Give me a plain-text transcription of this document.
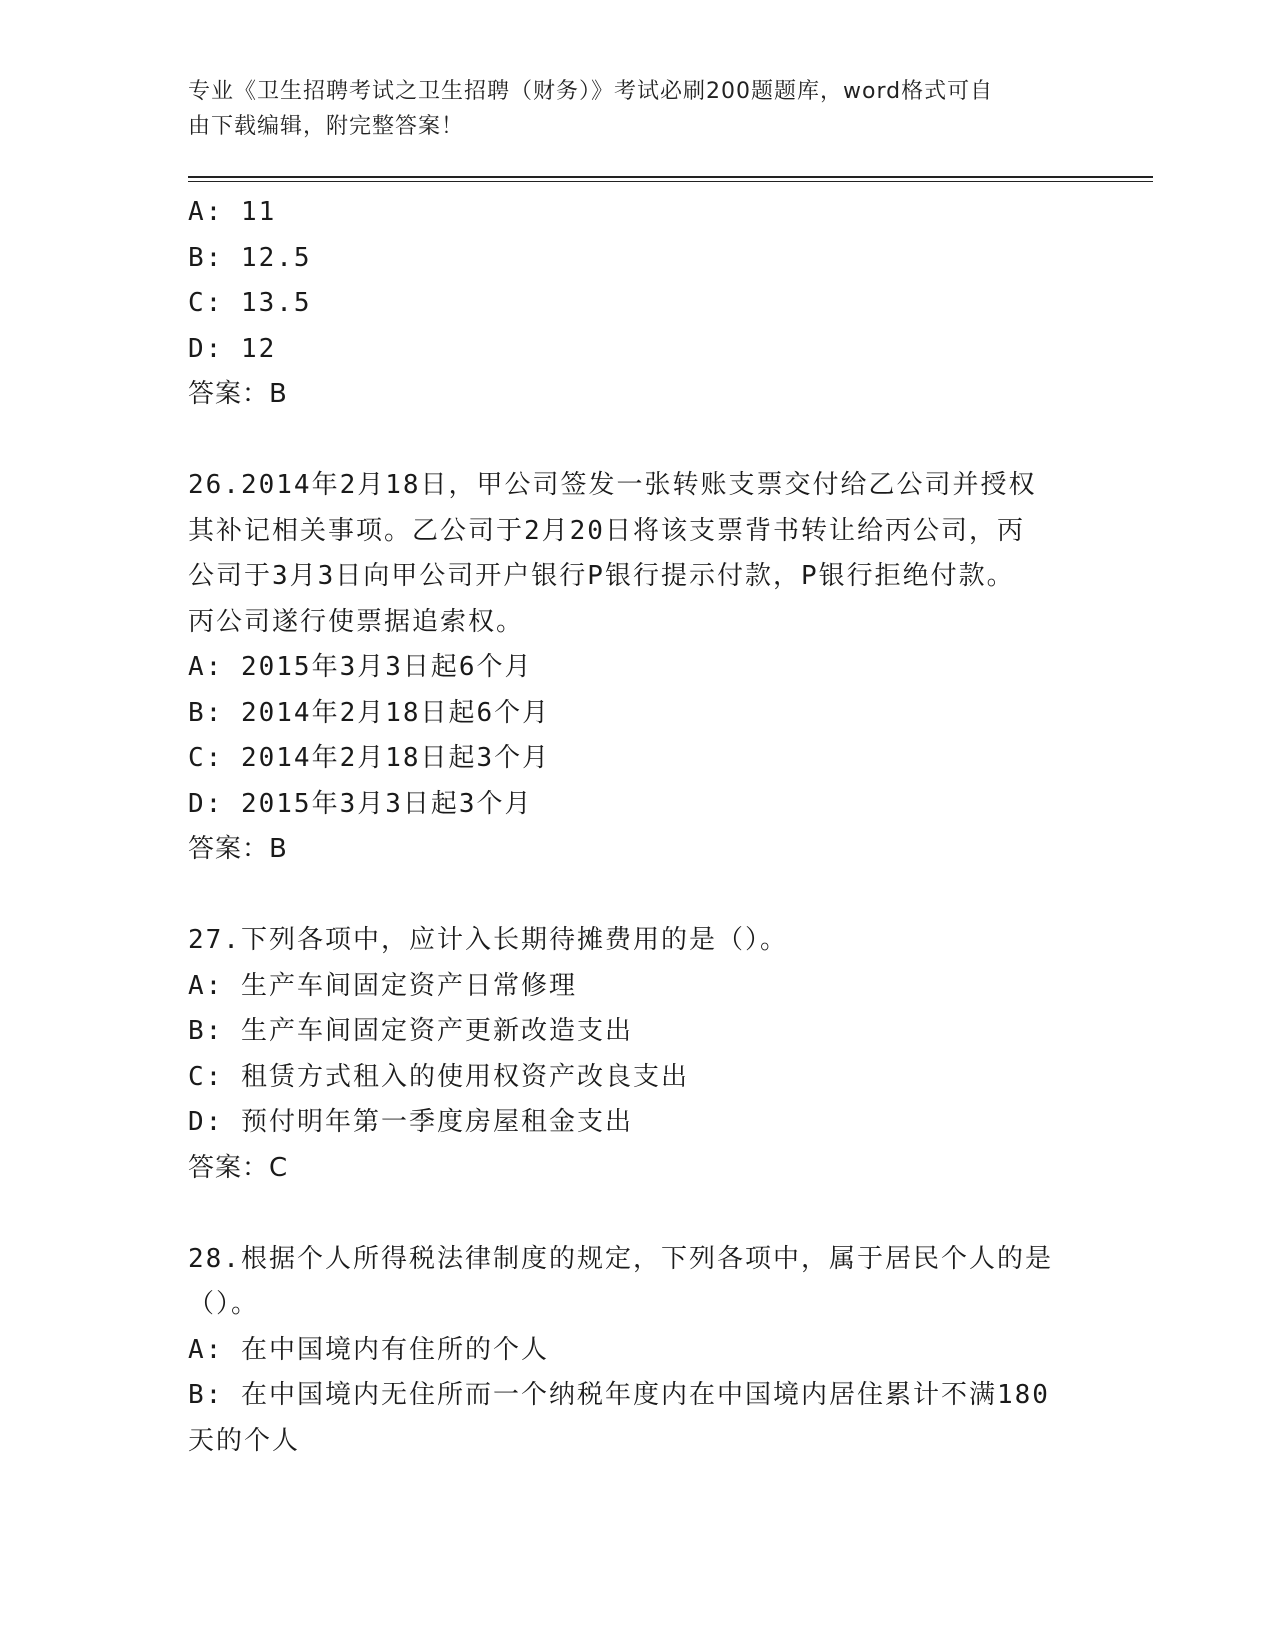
专业《卫生招聘考试之卫生招聘（财务）》考试必刷200题题库，word格式可自
由下载编辑，附完整答案！
A: 11
B: 12.5
C: 13.5
D: 12
答案：B
26.2014年2月18日，甲公司签发一张转账支票交付给乙公司并授权
其补记相关事项。乙公司于2月20日将该支票背书转让给丙公司，丙
公司于3月3日向甲公司开户银行P银行提示付款，P银行拒绝付款。
丙公司遂行使票据追索权。
A: 2015年3月3日起6个月
B: 2014年2月18日起6个月
C: 2014年2月18日起3个月
D: 2015年3月3日起3个月
答案：B
27.下列各项中，应计入长期待摊费用的是（）。
A: 生产车间固定资产日常修理
B: 生产车间固定资产更新改造支出
C: 租赁方式租入的使用权资产改良支出
D: 预付明年第一季度房屋租金支出
答案：C
28.根据个人所得税法律制度的规定，下列各项中，属于居民个人的是
（）。
A: 在中国境内有住所的个人
B: 在中国境内无住所而一个纳税年度内在中国境内居住累计不满180
天的个人
